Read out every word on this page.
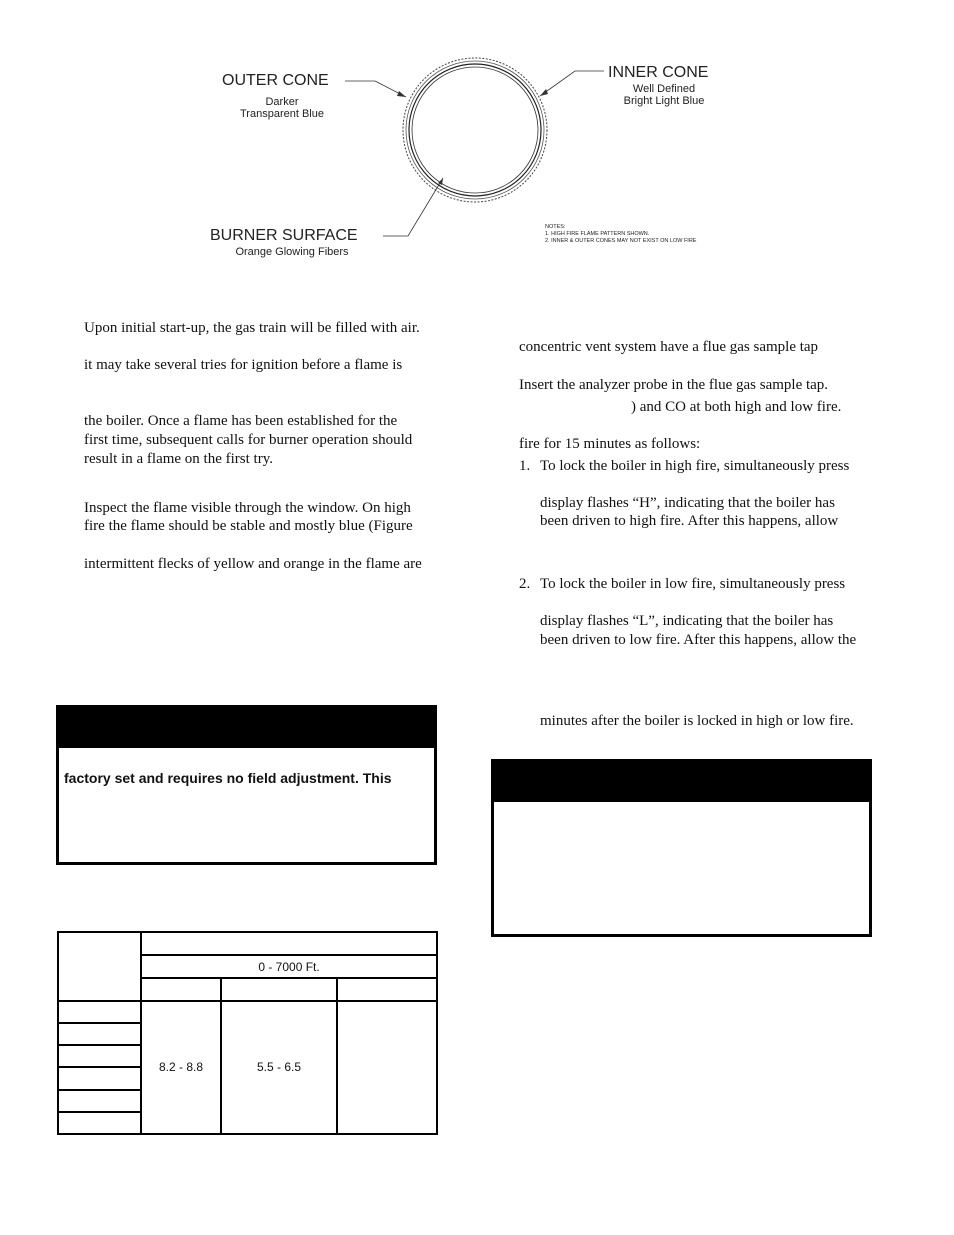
OUTER CONE
Darker
Transparent Blue
INNER CONE
Well Defined
Bright Light Blue
BURNER SURFACE
Orange Glowing Fibers
NOTES:
1. HIGH FIRE FLAME PATTERN SHOWN.
2. INNER & OUTER CONES MAY NOT EXIST ON LOW FIRE
Upon initial start-up, the gas train will be filled with air.
it may take several tries for ignition before a flame is
the boiler. Once a flame has been established for the
first time, subsequent calls for burner operation should
result in a flame on the first try.
Inspect the flame visible through the window. On high
fire the flame should be stable and mostly blue (Figure
intermittent flecks of yellow and orange in the flame are
factory set and requires no field adjustment. This

	0 - 7000 Ft.		

	8.2 - 8.8	5.5 - 6.5	

concentric vent system have a flue gas sample tap
Insert the analyzer probe in the flue gas sample tap.
) and CO at both high and low fire.
fire for 15 minutes as follows:
1. To lock the boiler in high fire, simultaneously press
display flashes “H”, indicating that the boiler has
been driven to high fire. After this happens, allow
2. To lock the boiler in low fire, simultaneously press
display flashes “L”, indicating that the boiler has
been driven to low fire. After this happens, allow the
minutes after the boiler is locked in high or low fire.
